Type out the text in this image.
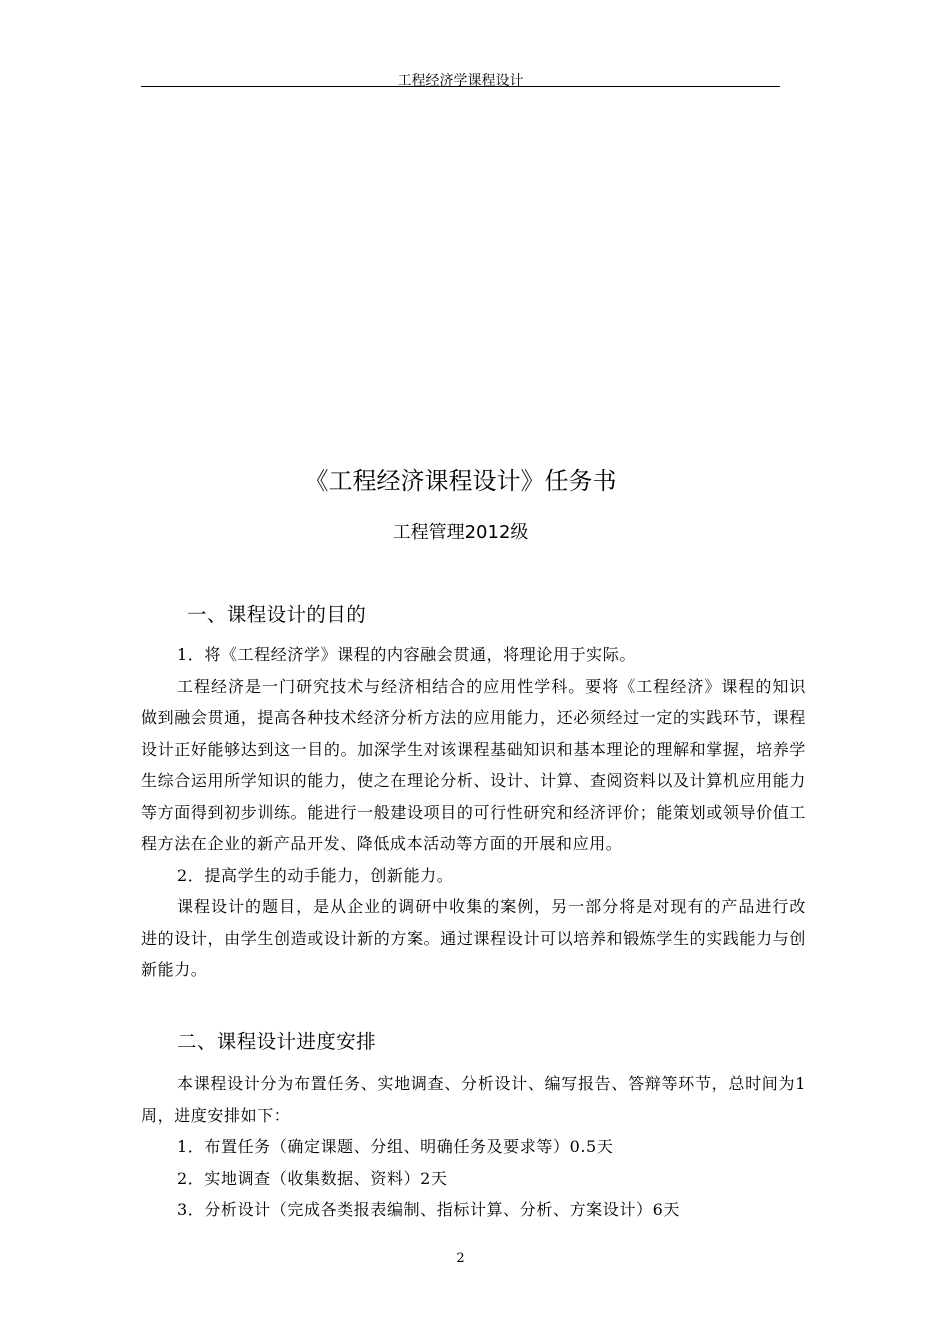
工程经济学课程设计
《工程经济课程设计》任务书
工程管理2012级

一、课程设计的目的

1．将《工程经济学》课程的内容融会贯通，将理论用于实际。

工程经济是一门研究技术与经济相结合的应用性学科。要将《工程经济》课程的知识做到融会贯通，提高各种技术经济分析方法的应用能力，还必须经过一定的实践环节，课程设计正好能够达到这一目的。加深学生对该课程基础知识和基本理论的理解和掌握，培养学生综合运用所学知识的能力，使之在理论分析、设计、计算、查阅资料以及计算机应用能力等方面得到初步训练。能进行一般建设项目的可行性研究和经济评价；能策划或领导价值工程方法在企业的新产品开发、降低成本活动等方面的开展和应用。

2．提高学生的动手能力，创新能力。

课程设计的题目，是从企业的调研中收集的案例，另一部分将是对现有的产品进行改进的设计，由学生创造或设计新的方案。通过课程设计可以培养和锻炼学生的实践能力与创新能力。

二、课程设计进度安排

本课程设计分为布置任务、实地调查、分析设计、编写报告、答辩等环节，总时间为1周，进度安排如下：

1．布置任务（确定课题、分组、明确任务及要求等）0.5天

2．实地调查（收集数据、资料）2天

3．分析设计（完成各类报表编制、指标计算、分析、方案设计）6天

2
